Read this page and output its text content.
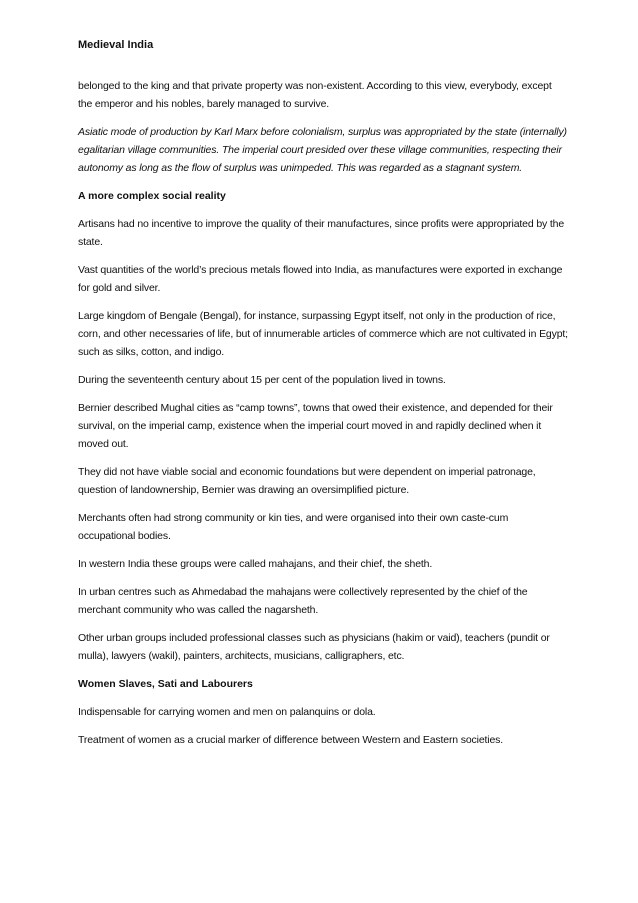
Medieval India

belonged to the king and that private property was non-existent. According to this view, everybody, except the emperor and his nobles, barely managed to survive.

Asiatic mode of production by Karl Marx before colonialism, surplus was appropriated by the state (internally) egalitarian village communities. The imperial court presided over these village communities, respecting their autonomy as long as the flow of surplus was unimpeded. This was regarded as a stagnant system.

A more complex social reality

Artisans had no incentive to improve the quality of their manufactures, since profits were appropriated by the state.

Vast quantities of the world’s precious metals flowed into India, as manufactures were exported in exchange for gold and silver.

Large kingdom of Bengale (Bengal), for instance, surpassing Egypt itself, not only in the production of rice, corn, and other necessaries of life, but of innumerable articles of commerce which are not cultivated in Egypt; such as silks, cotton, and indigo.

During the seventeenth century about 15 per cent of the population lived in towns.

Bernier described Mughal cities as “camp towns”, towns that owed their existence, and depended for their survival, on the imperial camp, existence when the imperial court moved in and rapidly declined when it moved out.

They did not have viable social and economic foundations but were dependent on imperial patronage, question of landownership, Bernier was drawing an oversimplified picture.

Merchants often had strong community or kin ties, and were organised into their own caste-cum occupational bodies.

In western India these groups were called mahajans, and their chief, the sheth.

In urban centres such as Ahmedabad the mahajans were collectively represented by the chief of the merchant community who was called the nagarsheth.

Other urban groups included professional classes such as physicians (hakim or vaid), teachers (pundit or mulla), lawyers (wakil), painters, architects, musicians, calligraphers, etc.

Women Slaves, Sati and Labourers

Indispensable for carrying women and men on palanquins or dola.

Treatment of women as a crucial marker of difference between Western and Eastern societies.
